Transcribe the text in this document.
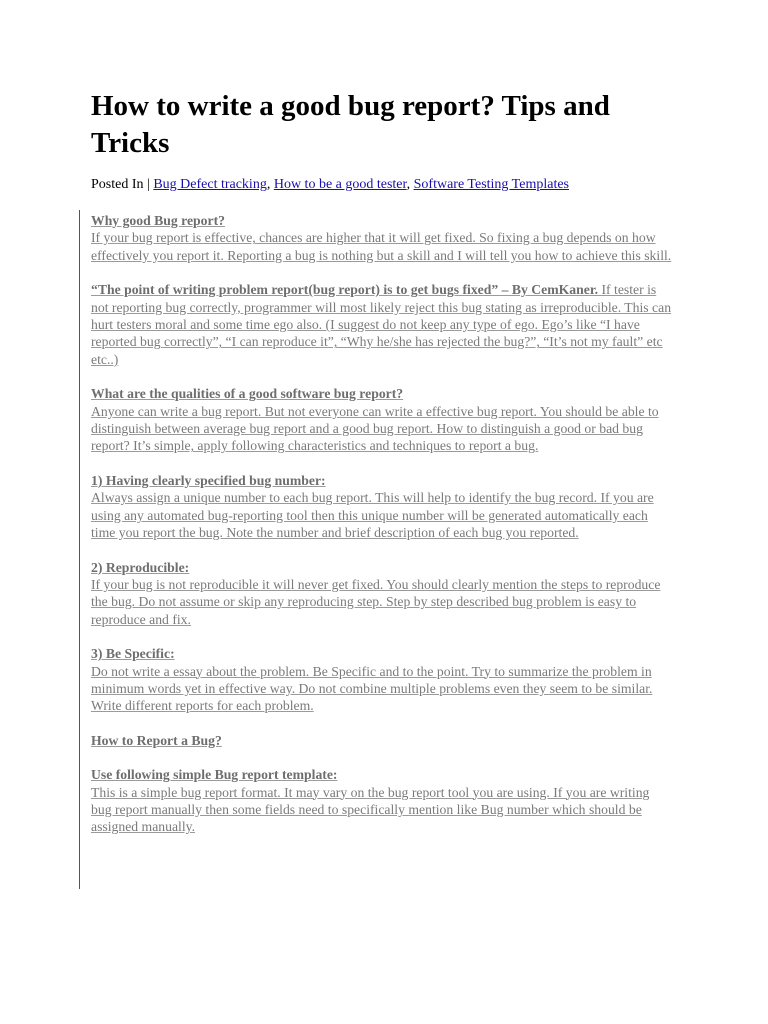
How to write a good bug report? Tips and Tricks
Posted In | Bug Defect tracking, How to be a good tester, Software Testing Templates

Why good Bug report?
If your bug report is effective, chances are higher that it will get fixed. So fixing a bug depends on how effectively you report it. Reporting a bug is nothing but a skill and I will tell you how to achieve this skill.

“The point of writing problem report(bug report) is to get bugs fixed” – By CemKaner. If tester is not reporting bug correctly, programmer will most likely reject this bug stating as irreproducible. This can hurt testers moral and some time ego also. (I suggest do not keep any type of ego. Ego’s like “I have reported bug correctly”, “I can reproduce it”, “Why he/she has rejected the bug?”, “It’s not my fault” etc etc..)

What are the qualities of a good software bug report?
Anyone can write a bug report. But not everyone can write a effective bug report. You should be able to distinguish between average bug report and a good bug report. How to distinguish a good or bad bug report? It’s simple, apply following characteristics and techniques to report a bug.

1) Having clearly specified bug number:
Always assign a unique number to each bug report. This will help to identify the bug record. If you are using any automated bug-reporting tool then this unique number will be generated automatically each time you report the bug. Note the number and brief description of each bug you reported.

2) Reproducible:
If your bug is not reproducible it will never get fixed. You should clearly mention the steps to reproduce the bug. Do not assume or skip any reproducing step. Step by step described bug problem is easy to reproduce and fix.

3) Be Specific:
Do not write a essay about the problem. Be Specific and to the point. Try to summarize the problem in minimum words yet in effective way. Do not combine multiple problems even they seem to be similar. Write different reports for each problem.

How to Report a Bug?

Use following simple Bug report template:
This is a simple bug report format. It may vary on the bug report tool you are using. If you are writing bug report manually then some fields need to specifically mention like Bug number which should be assigned manually.
